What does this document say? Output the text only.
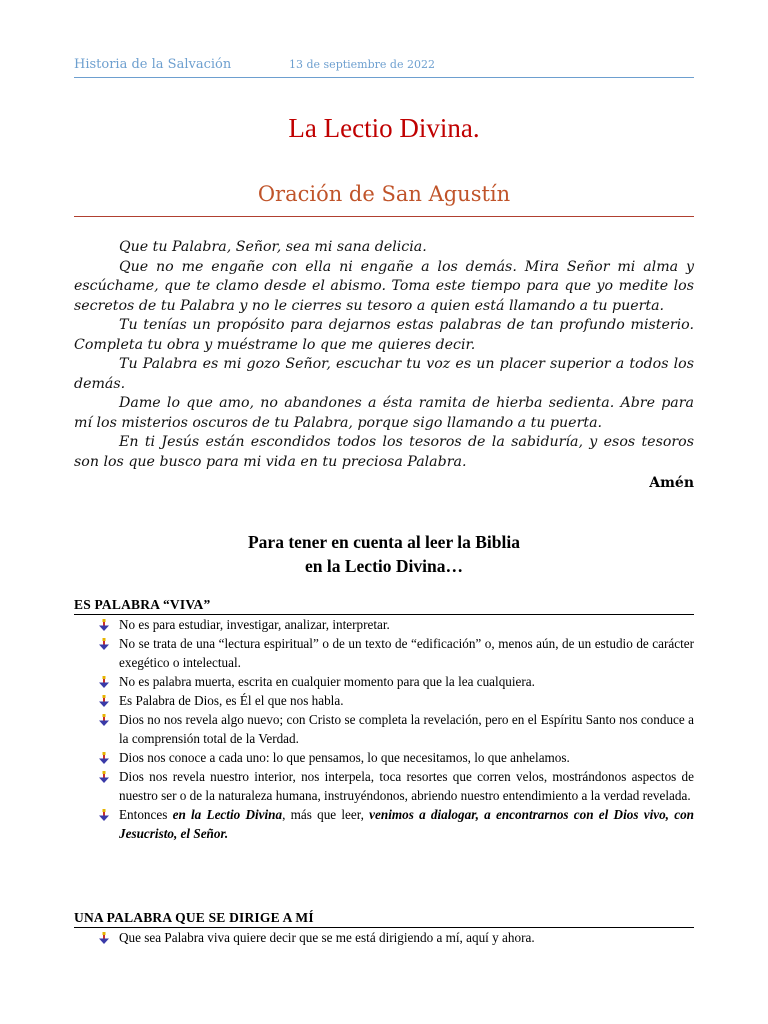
Historia de la Salvación	13 de septiembre de 2022
La Lectio Divina.
Oración de San Agustín

Que tu Palabra, Señor, sea mi sana delicia.

Que no me engañe con ella ni engañe a los demás. Mira Señor mi alma y escúchame, que te clamo desde el abismo. Toma este tiempo para que yo medite los secretos de tu Palabra y no le cierres su tesoro a quien está llamando a tu puerta.

Tu tenías un propósito para dejarnos estas palabras de tan profundo misterio. Completa tu obra y muéstrame lo que me quieres decir.

Tu Palabra es mi gozo Señor, escuchar tu voz es un placer superior a todos los demás.

Dame lo que amo, no abandones a ésta ramita de hierba sedienta. Abre para mí los misterios oscuros de tu Palabra, porque sigo llamando a tu puerta.

En ti Jesús están escondidos todos los tesoros de la sabiduría, y esos tesoros son los que busco para mi vida en tu preciosa Palabra.

Amén
Para tener en cuenta al leer la Biblia
en la Lectio Divina…
ES PALABRA “VIVA”
No es para estudiar, investigar, analizar, interpretar.
No se trata de una “lectura espiritual” o de un texto de “edificación” o, menos aún, de un estudio de carácter exegético o intelectual.
No es palabra muerta, escrita en cualquier momento para que la lea cualquiera.
Es Palabra de Dios, es Él el que nos habla.
Dios no nos revela algo nuevo; con Cristo se completa la revelación, pero en el Espíritu Santo nos conduce a la comprensión total de la Verdad.
Dios nos conoce a cada uno: lo que pensamos, lo que necesitamos, lo que anhelamos.
Dios nos revela nuestro interior, nos interpela, toca resortes que corren velos, mostrándonos aspectos de nuestro ser o de la naturaleza humana, instruyéndonos, abriendo nuestro entendimiento a la verdad revelada.
Entonces en la Lectio Divina, más que leer, venimos a dialogar, a encontrarnos con el Dios vivo, con Jesucristo, el Señor.
UNA PALABRA QUE SE DIRIGE A MÍ
Que sea Palabra viva quiere decir que se me está dirigiendo a mí, aquí y ahora.
